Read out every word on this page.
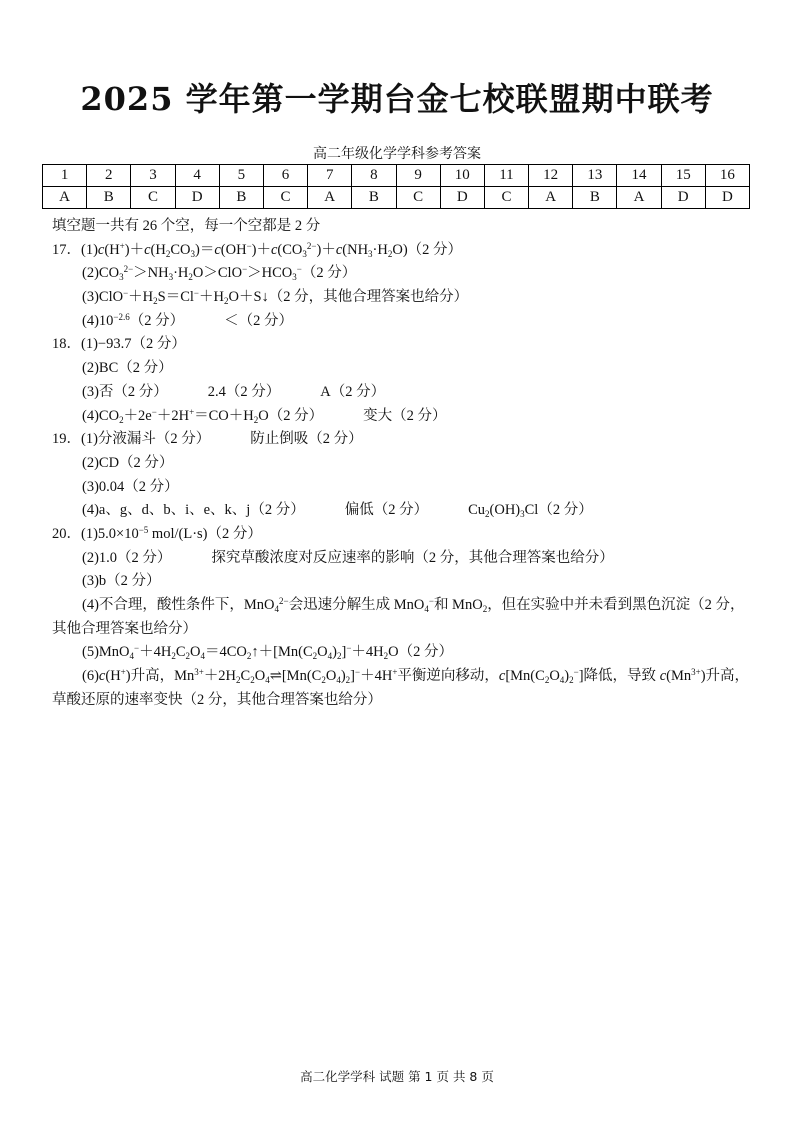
2025 学年第一学期台金七校联盟期中联考
高二年级化学学科参考答案
1	2	3	4	5	6	7	8	9	10	11	12	13	14	15	16
A	B	C	D	B	C	A	B	C	D	C	A	B	A	D	D
填空题一共有 26 个空，每一个空都是 2 分
17．$(1)c(H^+)+c(H_2CO_3)=c(OH^-)+c(CO_3^{2-})+c(NH_3\cdot H_2O)(2$ 分）
$(2)CO_3^{2-}>NH_3\cdot H_2O>ClO^->HCO_3^-(2$ 分）
$(3)ClO^-+H_2S=Cl^-+H_2O+S↓(2$ 分，其他合理答案也给分）
$(4)10^{-2.6}(2$ 分）	＜（2 分）
18．(1)−93.7（2 分）
(2)BC（2 分）
(3)否（2 分）	2.4（2 分）	A（2 分）
$(4)CO_2+2e^-+2H^+=CO+H_2O(2$ 分）	变大（2 分）
19．(1)分液漏斗（2 分）	防止倒吸（2 分）
(2)CD（2 分）
(3)0.04（2 分）
(4)a、g、d、b、i、e、k、j（2 分）	偏低（2 分）	$Cu_2(OH)_3Cl(2$ 分）
20．$(1)5.0\times 10^{-5}$ mol/(L·s)（2 分）
(2)1.0（2 分）	探究草酸浓度对反应速率的影响（2 分，其他合理答案也给分）
(3)b（2 分）
(4)不合理，酸性条件下，MnO$_4^{2-}$会迅速分解生成 MnO$_4$−和 MnO$_2$，但在实验中并未看到黑色沉淀（2 分，其他合理答案也给分）
$(5)MnO_4^-+4H_2C_2O_4=4CO_2↑+[Mn(C_2O_4)_2]^-+4H_2O(2$ 分）
(6)c(H+)升高，$Mn^{3+}+2H_2C_2O_4\rightleftharpoons[Mn(C_2O_4)_2]^-+4H^+$平衡逆向移动，$c[Mn(C_2O_4)_2^-]$降低，导致 $c(Mn^{3+})$升高，草酸还原的速率变快（2 分，其他合理答案也给分）
高二化学学科 试题 第 1 页 共 8 页
